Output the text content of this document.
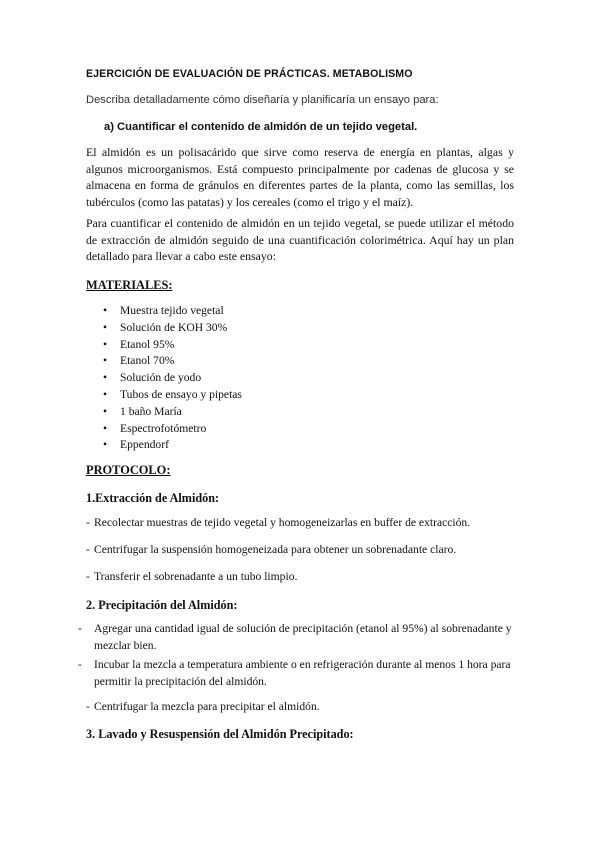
EJERCICIÓN DE EVALUACIÓN DE PRÁCTICAS. METABOLISMO
Describa detalladamente cómo diseñaría y planificaría un ensayo para:
a) Cuantificar el contenido de almidón de un tejido vegetal.
El almidón es un polisacárido que sirve como reserva de energía en plantas, algas y algunos microorganismos. Está compuesto principalmente por cadenas de glucosa y se almacena en forma de gránulos en diferentes partes de la planta, como las semillas, los tubérculos (como las patatas) y los cereales (como el trigo y el maíz).
Para cuantificar el contenido de almidón en un tejido vegetal, se puede utilizar el método de extracción de almidón seguido de una cuantificación colorimétrica. Aquí hay un plan detallado para llevar a cabo este ensayo:
MATERIALES:
• Muestra tejido vegetal
• Solución de KOH 30%
• Etanol 95%
• Etanol 70%
• Solución de yodo
• Tubos de ensayo y pipetas
• 1 baño María
• Espectrofotómetro
• Eppendorf
PROTOCOLO:
1.Extracción de Almidón:
- Recolectar muestras de tejido vegetal y homogeneizarlas en buffer de extracción.
- Centrifugar la suspensión homogeneizada para obtener un sobrenadante claro.
- Transferir el sobrenadante a un tubo limpio.
2. Precipitación del Almidón:
- Agregar una cantidad igual de solución de precipitación (etanol al 95%) al sobrenadante y mezclar bien.
- Incubar la mezcla a temperatura ambiente o en refrigeración durante al menos 1 hora para permitir la precipitación del almidón.
- Centrifugar la mezcla para precipitar el almidón.
3. Lavado y Resuspensión del Almidón Precipitado:
